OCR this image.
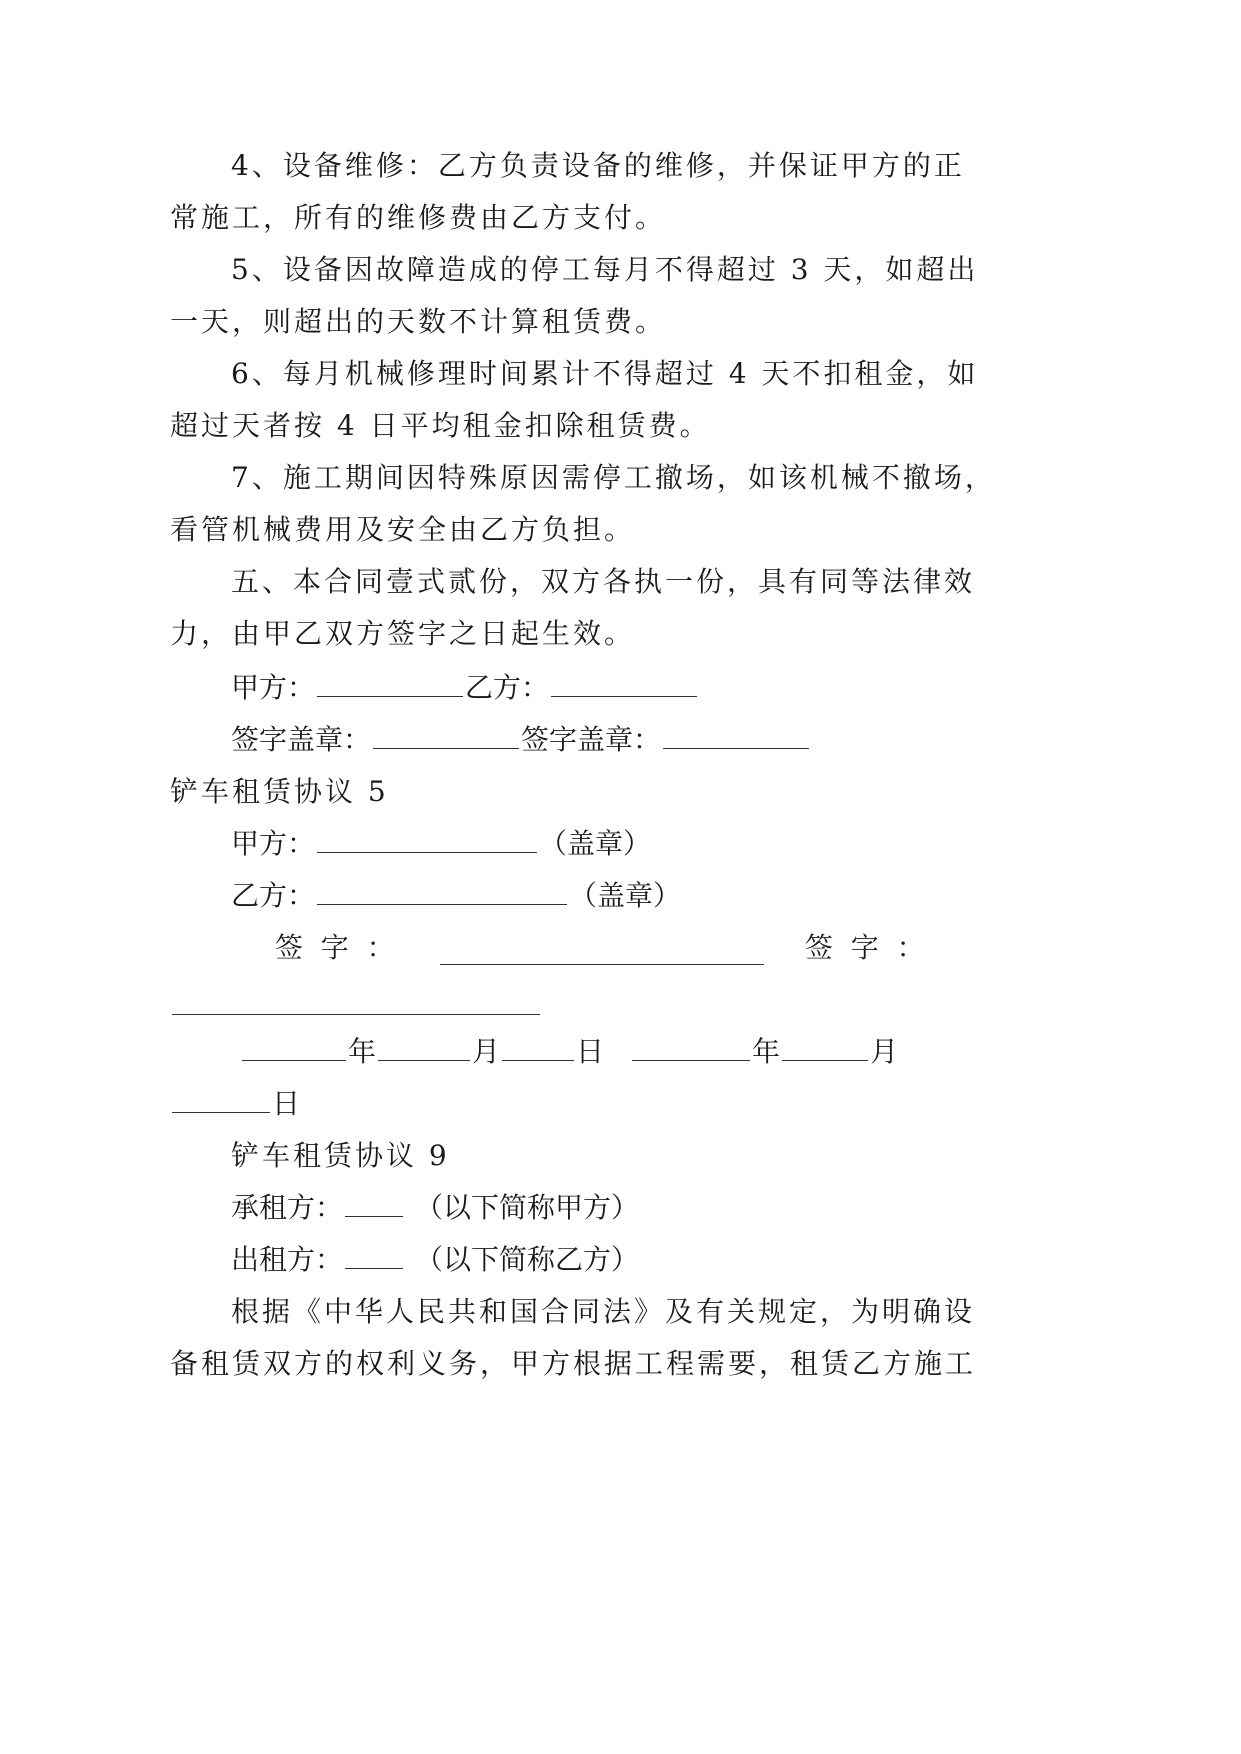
4、设备维修：乙方负责设备的维修，并保证甲方的正
常施工，所有的维修费由乙方支付。
5、设备因故障造成的停工每月不得超过 3 天，如超出
一天，则超出的天数不计算租赁费。
6、每月机械修理时间累计不得超过 4 天不扣租金，如
超过天者按 4 日平均租金扣除租赁费。
7、施工期间因特殊原因需停工撤场，如该机械不撤场，
看管机械费用及安全由乙方负担。
五、本合同壹式贰份，双方各执一份，具有同等法律效
力，由甲乙双方签字之日起生效。
甲方：	乙方：
签字盖章：	签字盖章：
铲车租赁协议 5
甲方：	（盖章）
乙方：	（盖章）
签  字  ：	签  字  ：
年	月	日	年	月
日
铲车租赁协议 9
承租方：	（以下简称甲方）
出租方：	（以下简称乙方）
根据《中华人民共和国合同法》及有关规定，为明确设
备租赁双方的权利义务，甲方根据工程需要，租赁乙方施工
